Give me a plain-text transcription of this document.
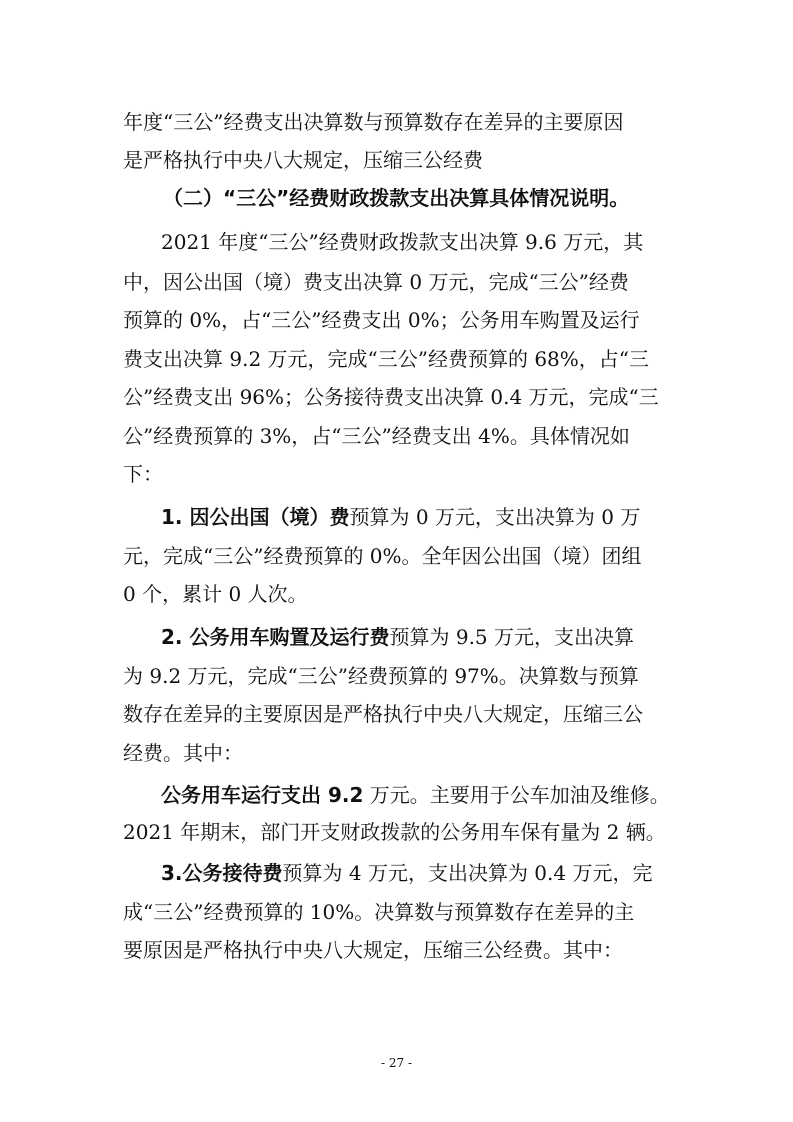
年度“三公”经费支出决算数与预算数存在差异的主要原因
是严格执行中央八大规定，压缩三公经费
（二）“三公”经费财政拨款支出决算具体情况说明。
2021 年度“三公”经费财政拨款支出决算 9.6 万元，其
中，因公出国（境）费支出决算 0 万元，完成“三公”经费
预算的 0%，占“三公”经费支出 0%；公务用车购置及运行
费支出决算 9.2 万元，完成“三公”经费预算的 68%，占“三
公”经费支出 96%；公务接待费支出决算 0.4 万元，完成“三
公”经费预算的 3%，占“三公”经费支出 4%。具体情况如
下：
1. 因公出国（境）费预算为 0 万元，支出决算为 0 万
元，完成“三公”经费预算的 0%。全年因公出国（境）团组
0 个，累计 0 人次。
2. 公务用车购置及运行费预算为 9.5 万元，支出决算
为 9.2 万元，完成“三公”经费预算的 97%。决算数与预算
数存在差异的主要原因是严格执行中央八大规定，压缩三公
经费。其中：
公务用车运行支出 9.2 万元。主要用于公车加油及维修。
2021 年期末，部门开支财政拨款的公务用车保有量为 2 辆。
3.公务接待费预算为 4 万元，支出决算为 0.4 万元，完
成“三公”经费预算的 10%。决算数与预算数存在差异的主
要原因是严格执行中央八大规定，压缩三公经费。其中：
- 27 -
